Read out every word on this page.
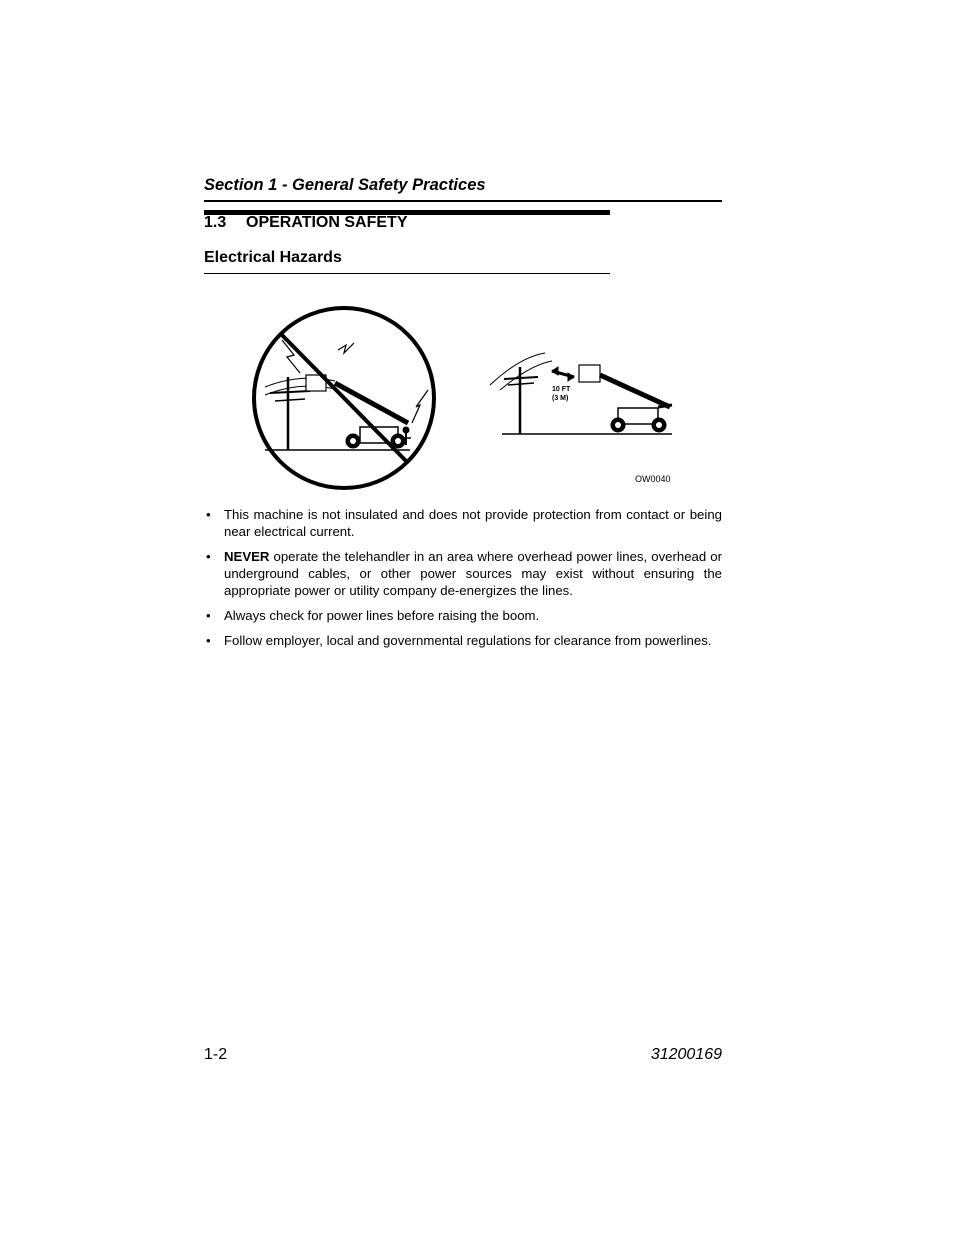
Section 1 - General Safety Practices
1.3 OPERATION SAFETY
Electrical Hazards
10 FT
(3 M)
OW0040
• This machine is not insulated and does not provide protection from contact or being near electrical current.
• NEVER operate the telehandler in an area where overhead power lines, overhead or underground cables, or other power sources may exist without ensuring the appropriate power or utility company de-energizes the lines.
• Always check for power lines before raising the boom.
• Follow employer, local and governmental regulations for clearance from powerlines.
1-2	31200169
